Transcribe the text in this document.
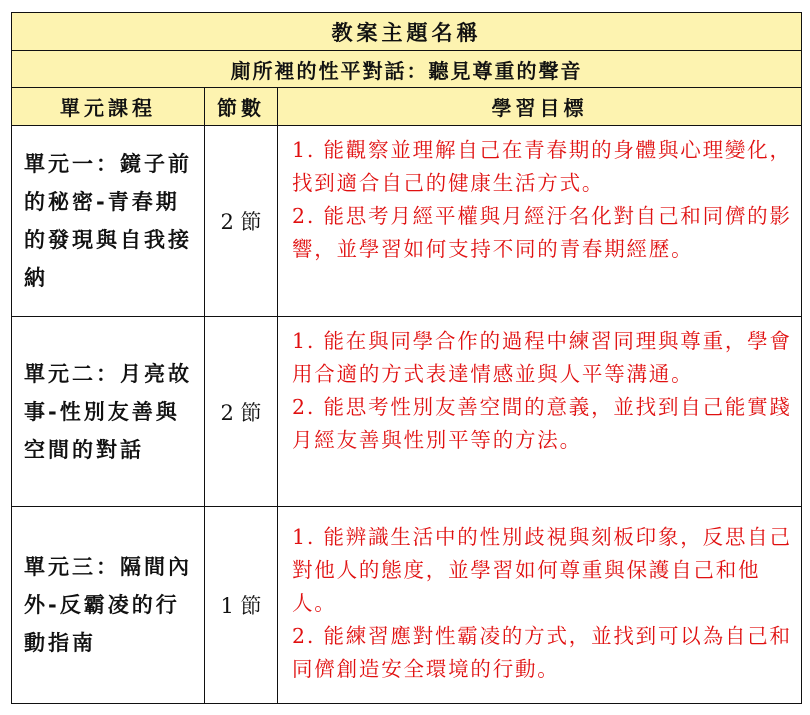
教案主題名稱		
廁所裡的性平對話：聽見尊重的聲音		
單元課程	節數	學習目標
單元一：鏡子前的秘密-青春期的發現與自我接納	2 節	1. 能觀察並理解自己在青春期的身體與心理變化，找到適合自己的健康生活方式。

2. 能思考月經平權與月經汙名化對自己和同儕的影響，並學習如何支持不同的青春期經歷。

單元二：月亮故事-性別友善與空間的對話	2 節	1. 能在與同學合作的過程中練習同理與尊重，學會用合適的方式表達情感並與人平等溝通。

2. 能思考性別友善空間的意義，並找到自己能實踐月經友善與性別平等的方法。

單元三：隔間內外-反霸凌的行動指南	1 節	1. 能辨識生活中的性別歧視與刻板印象，反思自己對他人的態度，並學習如何尊重與保護自己和他人。

2. 能練習應對性霸凌的方式，並找到可以為自己和同儕創造安全環境的行動。
